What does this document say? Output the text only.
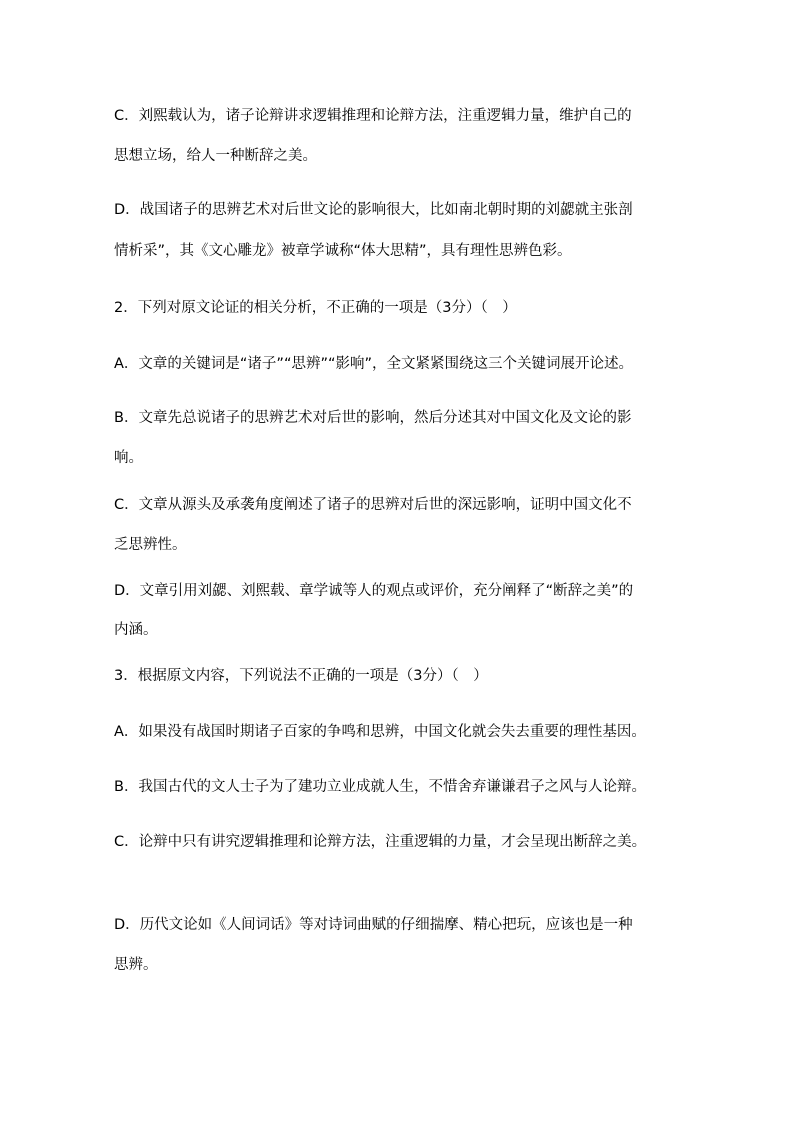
C．刘熙载认为，诸子论辩讲求逻辑推理和论辩方法，注重逻辑力量，维护自己的
思想立场，给人一种断辞之美。
D．战国诸子的思辨艺术对后世文论的影响很大，比如南北朝时期的刘勰就主张剖
情析采”，其《文心雕龙》被章学诚称“体大思精”，具有理性思辨色彩。
2．下列对原文论证的相关分析，不正确的一项是（3分）（　）
A．文章的关键词是“诸子”“思辨”“影响”，全文紧紧围绕这三个关键词展开论述。
B．文章先总说诸子的思辨艺术对后世的影响，然后分述其对中国文化及文论的影
响。
C．文章从源头及承袭角度阐述了诸子的思辨对后世的深远影响，证明中国文化不
乏思辨性。
D．文章引用刘勰、刘熙载、章学诚等人的观点或评价，充分阐释了“断辞之美”的
内涵。
3．根据原文内容，下列说法不正确的一项是（3分）（　）
A．如果没有战国时期诸子百家的争鸣和思辨，中国文化就会失去重要的理性基因。
B．我国古代的文人士子为了建功立业成就人生，不惜舍弃谦谦君子之风与人论辩。
C．论辩中只有讲究逻辑推理和论辩方法，注重逻辑的力量，才会呈现出断辞之美。
D．历代文论如《人间词话》等对诗词曲赋的仔细揣摩、精心把玩，应该也是一种
思辨。
